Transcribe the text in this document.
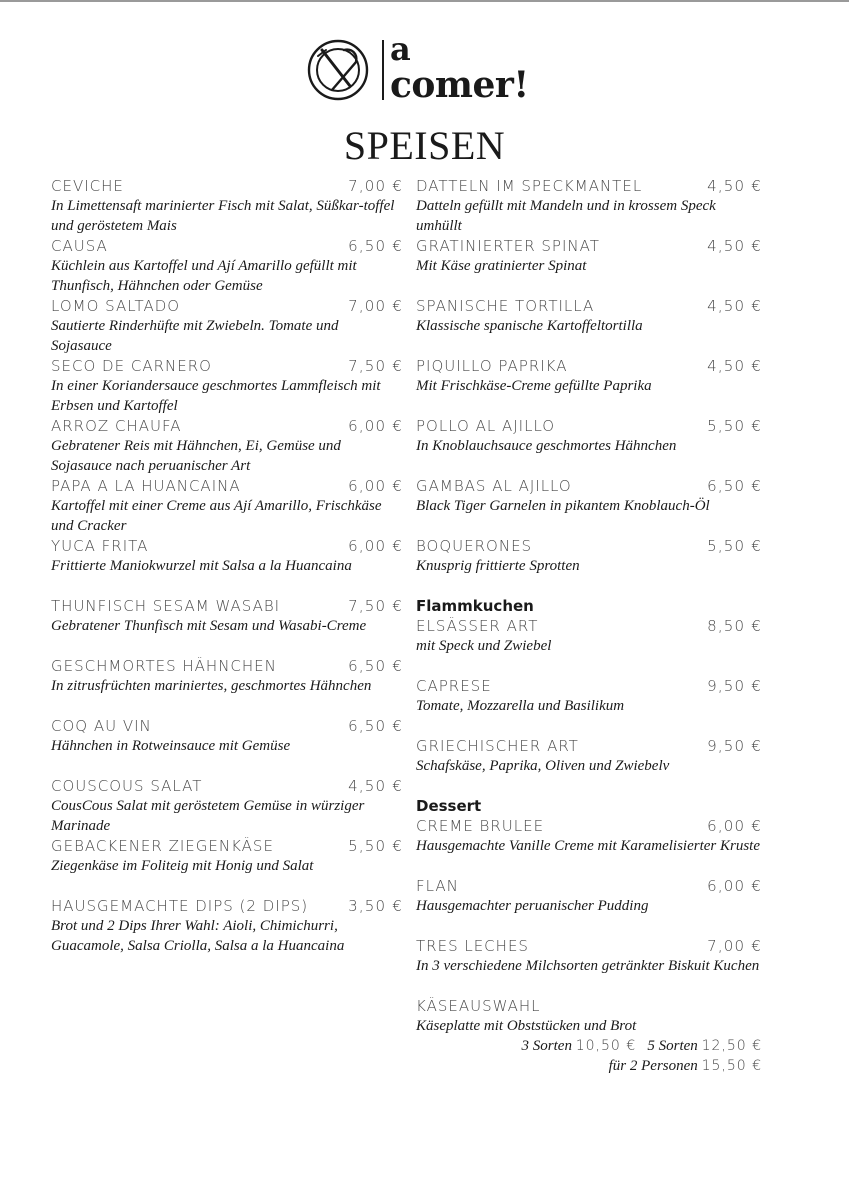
a
comer!
SPEISEN
CEVICHE	7,00 €
In Limettensaft marinierter Fisch mit Salat, Süßkar-toffel und geröstetem Mais
CAUSA	6,50 €
Küchlein aus Kartoffel und Ají Amarillo gefüllt mit Thunfisch, Hähnchen oder Gemüse
LOMO SALTADO	7,00 €
Sautierte Rinderhüfte mit Zwiebeln. Tomate und Sojasauce
SECO DE CARNERO	7,50 €
In einer Koriandersauce geschmortes Lammfleisch mit Erbsen und Kartoffel
ARROZ CHAUFA	6,00 €
Gebratener Reis mit Hähnchen, Ei, Gemüse und Sojasauce nach peruanischer Art
PAPA A LA HUANCAINA	6,00 €
Kartoffel mit einer Creme aus Ají Amarillo, Frischkäse und Cracker
YUCA FRITA	6,00 €
Frittierte Maniokwurzel mit Salsa a la Huancaina
THUNFISCH SESAM WASABI	7,50 €
Gebratener Thunfisch mit Sesam und Wasabi-Creme
GESCHMORTES HÄHNCHEN	6,50 €
In zitrusfrüchten mariniertes, geschmortes Hähnchen
COQ AU VIN	6,50 €
Hähnchen in Rotweinsauce mit Gemüse
COUSCOUS SALAT	4,50 €
CousCous Salat mit geröstetem Gemüse in würziger Marinade
GEBACKENER ZIEGENKÄSE	5,50 €
Ziegenkäse im Foliteig mit Honig und Salat
HAUSGEMACHTE DIPS (2 DIPS)	3,50 €
Brot und 2 Dips Ihrer Wahl: Aioli, Chimichurri, Guacamole, Salsa Criolla, Salsa a la Huancaina
DATTELN IM SPECKMANTEL	4,50 €
Datteln gefüllt mit Mandeln und in krossem Speck umhüllt
GRATINIERTER SPINAT	4,50 €
Mit Käse gratinierter Spinat
SPANISCHE TORTILLA	4,50 €
Klassische spanische Kartoffeltortilla
PIQUILLO PAPRIKA	4,50 €
Mit Frischkäse-Creme gefüllte Paprika
POLLO AL AJILLO	5,50 €
In Knoblauchsauce geschmortes Hähnchen
GAMBAS AL AJILLO	6,50 €
Black Tiger Garnelen in pikantem Knoblauch-Öl
BOQUERONES	5,50 €
Knusprig frittierte Sprotten
Flammkuchen
ELSÄSSER ART	8,50 €
mit Speck und Zwiebel
CAPRESE	9,50 €
Tomate, Mozzarella und Basilikum
GRIECHISCHER ART	9,50 €
Schafskäse, Paprika, Oliven und Zwiebelv
Dessert
CREME BRULEE	6,00 €
Hausgemachte Vanille Creme mit Karamelisierter Kruste
FLAN	6,00 €
Hausgemachter peruanischer Pudding
TRES LECHES	7,00 €
In 3 verschiedene Milchsorten getränkter Biskuit Kuchen
KÄSEAUSWAHL
Käseplatte mit Obststücken und Brot
3 Sorten 10,50 € 5 Sorten 12,50 €
für 2 Personen 15,50 €
